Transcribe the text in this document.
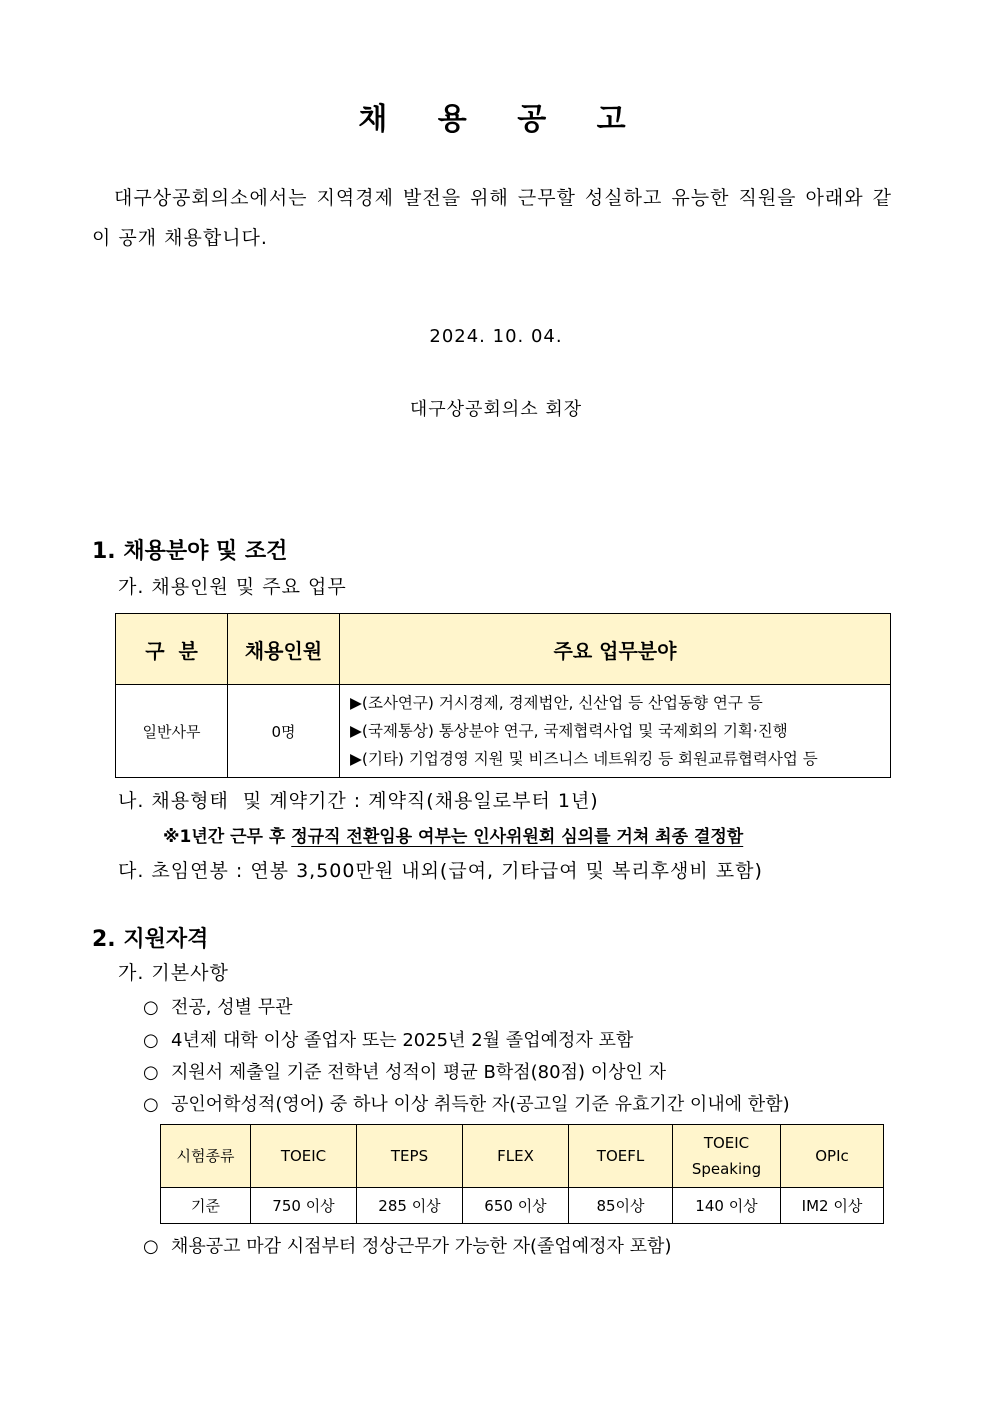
채 용 공 고
대구상공회의소에서는 지역경제 발전을 위해 근무할 성실하고 유능한 직원을 아래와 같이 공개 채용합니다.
2024. 10. 04.
대구상공회의소 회장
1. 채용분야 및 조건
가. 채용인원 및 주요 업무
구  분	채용인원	주요 업무분야
일반사무	0명	▶(조사연구) 거시경제, 경제법안, 신산업 등 산업동향 연구 등
▶(국제통상) 통상분야 연구, 국제협력사업 및 국제회의 기획·진행
▶(기타) 기업경영 지원 및 비즈니스 네트워킹 등 회원교류협력사업 등
나. 채용형태  및 계약기간 : 계약직(채용일로부터 1년)
※1년간 근무 후 정규직 전환임용 여부는 인사위원회 심의를 거쳐 최종 결정함
다. 초임연봉 : 연봉 3,500만원 내외(급여, 기타급여 및 복리후생비 포함)
2. 지원자격
가. 기본사항
○ 전공, 성별 무관
○ 4년제 대학 이상 졸업자 또는 2025년 2월 졸업예정자 포함
○ 지원서 제출일 기준 전학년 성적이 평균 B학점(80점) 이상인 자
○ 공인어학성적(영어) 중 하나 이상 취득한 자(공고일 기준 유효기간 이내에 한함)
시험종류	TOEIC	TEPS	FLEX	TOEFL	TOEIC Speaking	OPIc
기준	750 이상	285 이상	650 이상	85이상	140 이상	IM2 이상
○ 채용공고 마감 시점부터 정상근무가 가능한 자(졸업예정자 포함)
